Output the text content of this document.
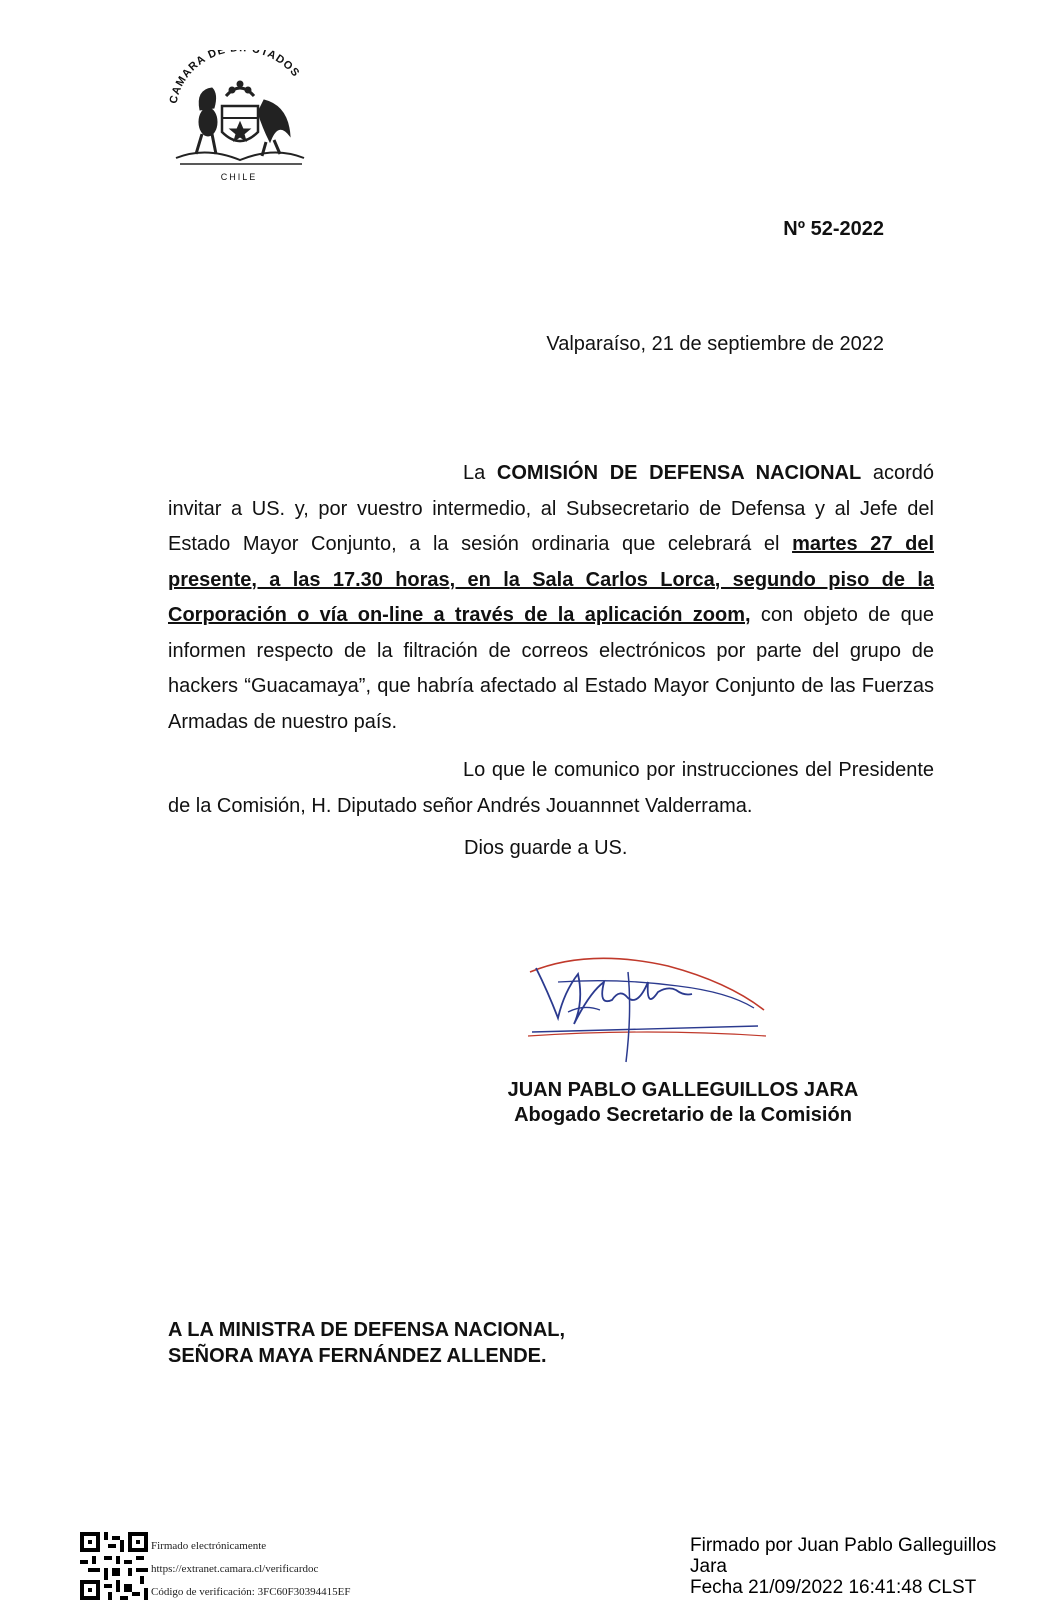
CAMARA DE TADOS
CHILE
Nº 52-2022
Valparaíso, 21 de septiembre de 2022
La COMISIÓN DE DEFENSA NACIONAL acordó invitar a US. y, por vuestro intermedio, al Subsecretario de Defensa y al Jefe del Estado Mayor Conjunto, a la sesión ordinaria que celebrará el martes 27 del presente, a las 17.30 horas, en la Sala Carlos Lorca, segundo piso de la Corporación o vía on-line a través de la aplicación zoom, con objeto de que informen respecto de la filtración de correos electrónicos por parte del grupo de hackers “Guacamaya”, que habría afectado al Estado Mayor Conjunto de las Fuerzas Armadas de nuestro país.
Lo que le comunico por instrucciones del Presidente de la Comisión, H. Diputado señor Andrés Jouannnet Valderrama.
Dios guarde a US.
JUAN PABLO GALLEGUILLOS JARA
Abogado Secretario de la Comisión
A LA MINISTRA DE DEFENSA NACIONAL,
SEÑORA MAYA FERNÁNDEZ ALLENDE.
Firmado electrónicamente
https://extranet.camara.cl/verificardoc
Código de verificación: 3FC60F30394415EF
Firmado por Juan Pablo Galleguillos
Jara
Fecha 21/09/2022 16:41:48 CLST
